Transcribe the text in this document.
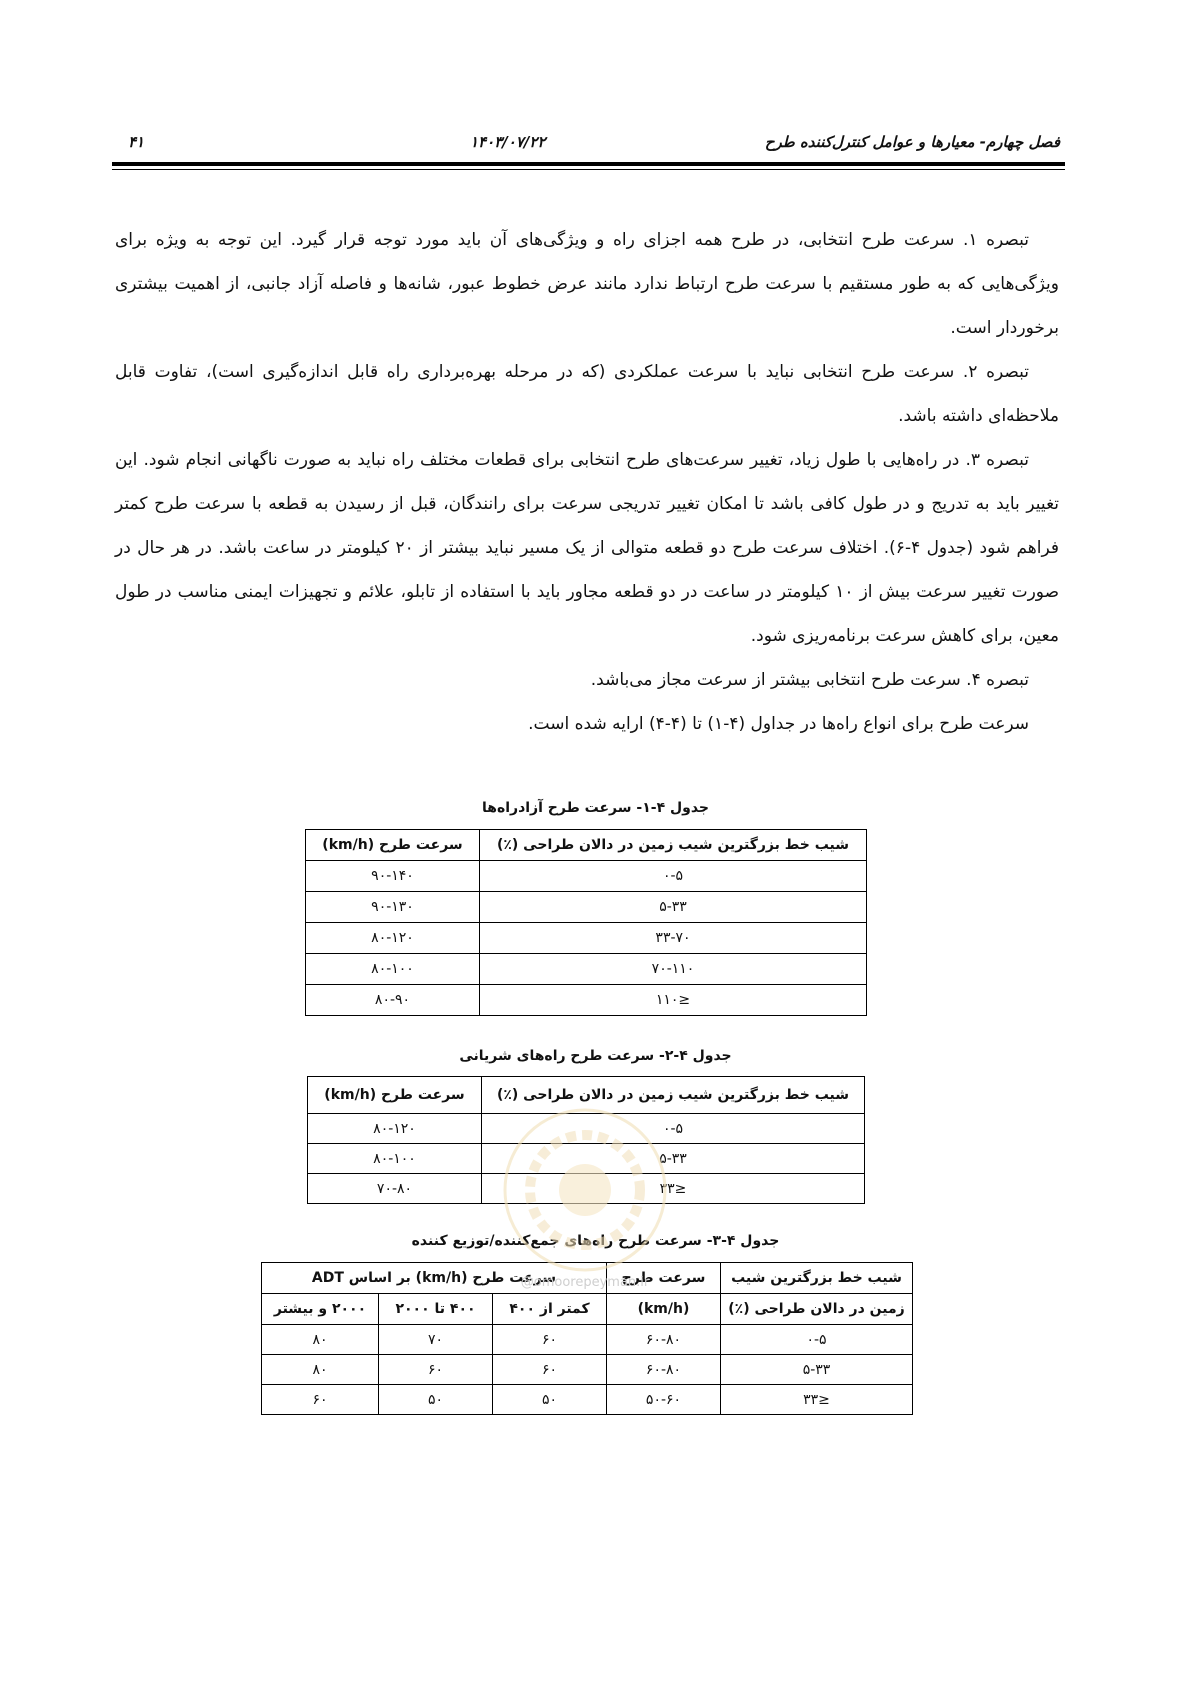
فصل چهارم- معیارها و عوامل کنترل‌کننده طرح
۱۴۰۳/۰۷/۲۲
۴۱

تبصره ۱. سرعت طرح انتخابی، در طرح همه اجزای راه و ویژگی‌های آن باید مورد توجه قرار گیرد. این توجه به ویژه برای ویژگی‌هایی که به طور مستقیم با سرعت طرح ارتباط ندارد مانند عرض خطوط عبور، شانه‌ها و فاصله آزاد جانبی، از اهمیت بیشتری برخوردار است.

تبصره ۲. سرعت طرح انتخابی نباید با سرعت عملکردی (که در مرحله بهره‌برداری راه قابل اندازه‌گیری است)، تفاوت قابل ملاحظه‌ای داشته باشد.

تبصره ۳. در راه‌هایی با طول زیاد، تغییر سرعت‌های طرح انتخابی برای قطعات مختلف راه نباید به صورت ناگهانی انجام شود. این تغییر باید به تدریج و در طول کافی باشد تا امکان تغییر تدریجی سرعت برای رانندگان، قبل از رسیدن به قطعه با سرعت طرح کمتر فراهم شود (جدول ۴-۶). اختلاف سرعت طرح دو قطعه متوالی از یک مسیر نباید بیشتر از ۲۰ کیلومتر در ساعت باشد. در هر حال در صورت تغییر سرعت بیش از ۱۰ کیلومتر در ساعت در دو قطعه مجاور باید با استفاده از تابلو، علائم و تجهیزات ایمنی مناسب در طول معین، برای کاهش سرعت برنامه‌ریزی شود.

تبصره ۴. سرعت طرح انتخابی بیشتر از سرعت مجاز می‌باشد.

سرعت طرح برای انواع راه‌ها در جداول (۴-۱) تا (۴-۴) ارایه شده است.

جدول ۴-۱- سرعت طرح آزادراه‌ها
شیب خط بزرگترین شیب زمین در دالان طراحی (٪)	سرعت طرح (km/h)
۰-۵	۹۰-۱۴۰
۵-۳۳	۹۰-۱۳۰
۳۳-۷۰	۸۰-۱۲۰
۷۰-۱۱۰	۸۰-۱۰۰
≤۱۱۰	۸۰-۹۰
جدول ۴-۲- سرعت طرح راه‌های شریانی
شیب خط بزرگترین شیب زمین در دالان طراحی (٪)	سرعت طرح (km/h)
۰-۵	۸۰-۱۲۰
۵-۳۳	۸۰-۱۰۰
≤۳۳	۷۰-۸۰
جدول ۴-۳- سرعت طرح راه‌های جمع‌کننده/توزیع کننده
شیب خط بزرگترین شیب	سرعت طرح	سرعت طرح (km/h) بر اساس ADT		
زمین در دالان طراحی (٪)	(km/h)	کمتر از ۴۰۰	۴۰۰ تا ۲۰۰۰	۲۰۰۰ و بیشتر
۰-۵	۶۰-۸۰	۶۰	۷۰	۸۰
۵-۳۳	۶۰-۸۰	۶۰	۶۰	۸۰
≤۳۳	۵۰-۶۰	۵۰	۵۰	۶۰
@omoorepeyman.ir
